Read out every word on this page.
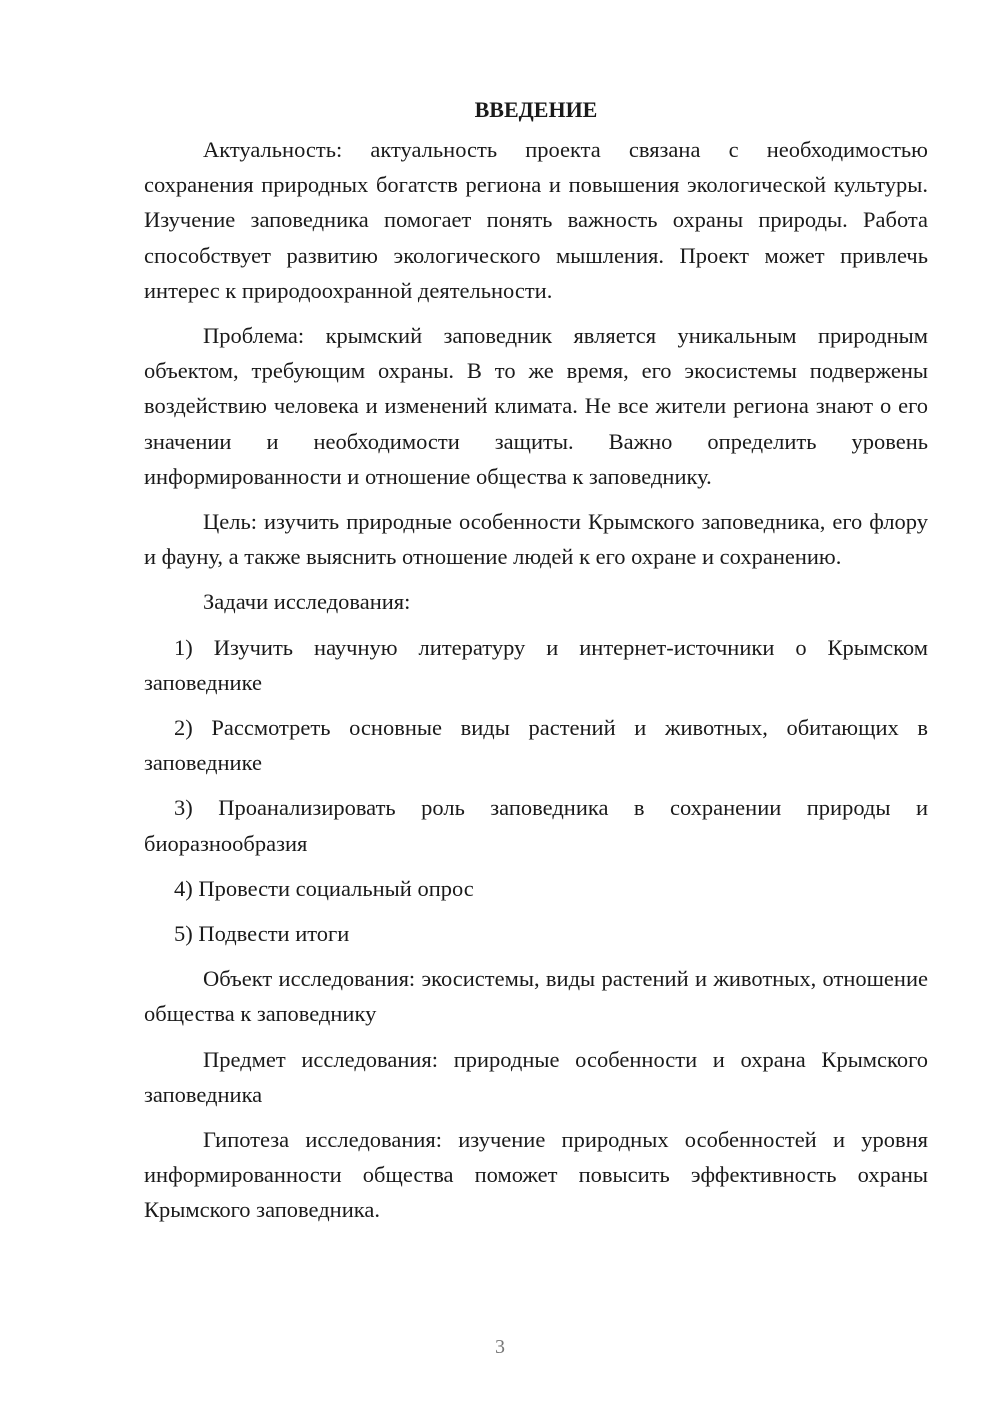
ВВЕДЕНИЕ

Актуальность: актуальность проекта связана с необходимостью сохранения природных богатств региона и повышения экологической культуры. Изучение заповедника помогает понять важность охраны природы. Работа способствует развитию экологического мышления. Проект может привлечь интерес к природоохранной деятельности.

Проблема: крымский заповедник является уникальным природным объектом, требующим охраны. В то же время, его экосистемы подвержены воздействию человека и изменений климата. Не все жители региона знают о его значении и необходимости защиты. Важно определить уровень информированности и отношение общества к заповеднику.

Цель: изучить природные особенности Крымского заповедника, его флору и фауну, а также выяснить отношение людей к его охране и сохранению.

Задачи исследования:

1) Изучить научную литературу и интернет-источники о Крымском заповеднике

2) Рассмотреть основные виды растений и животных, обитающих в заповеднике

3) Проанализировать роль заповедника в сохранении природы и биоразнообразия

4) Провести социальный опрос

5) Подвести итоги

Объект исследования: экосистемы, виды растений и животных, отношение общества к заповеднику

Предмет исследования: природные особенности и охрана Крымского заповедника

Гипотеза исследования: изучение природных особенностей и уровня информированности общества поможет повысить эффективность охраны Крымского заповедника.

3
